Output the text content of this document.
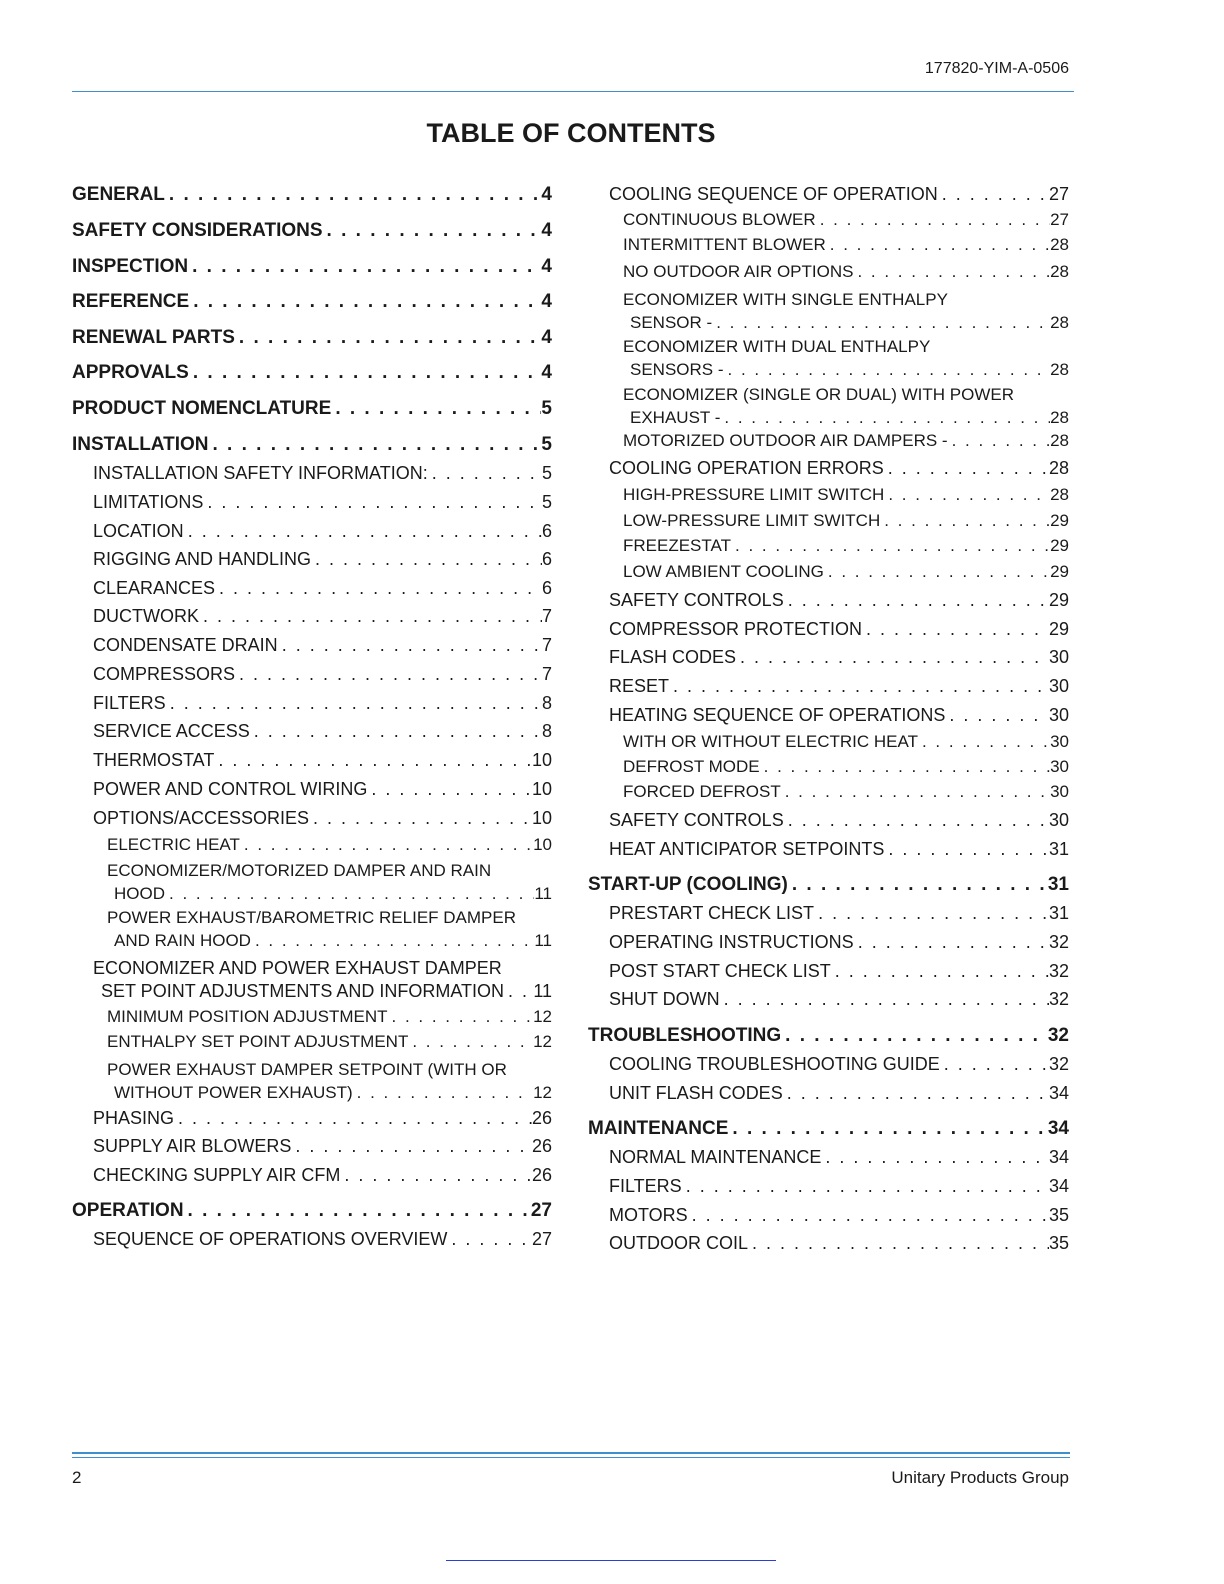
177820-YIM-A-0506
TABLE OF CONTENTS
GENERAL . . .	4
SAFETY CONSIDERATIONS . . .	4
INSPECTION . . .	4
REFERENCE . . .	4
RENEWAL PARTS . . .	4
APPROVALS . . .	4
PRODUCT NOMENCLATURE . . .	5
INSTALLATION . . .	5
INSTALLATION SAFETY INFORMATION: . . .	5
LIMITATIONS . . .	5
LOCATION . . .	6
RIGGING AND HANDLING . . .	6
CLEARANCES . . .	6
DUCTWORK . . .	7
CONDENSATE DRAIN . . .	7
COMPRESSORS . . .	7
FILTERS . . .	8
SERVICE ACCESS . . .	8
THERMOSTAT . . .	10
POWER AND CONTROL WIRING . . .	10
OPTIONS/ACCESSORIES . . .	10
ELECTRIC HEAT . . .	10
ECONOMIZER/MOTORIZED DAMPER AND RAIN
HOOD . . .	11
POWER EXHAUST/BAROMETRIC RELIEF DAMPER
AND RAIN HOOD . . .	11
ECONOMIZER AND POWER EXHAUST DAMPER
SET POINT ADJUSTMENTS AND INFORMATION . . . 11
MINIMUM POSITION ADJUSTMENT . . .	12
ENTHALPY SET POINT ADJUSTMENT . . .	12
POWER EXHAUST DAMPER SETPOINT (WITH OR
WITHOUT POWER EXHAUST) . . .	12
PHASING . . .	26
SUPPLY AIR BLOWERS . . .	26
CHECKING SUPPLY AIR CFM . . .	26
OPERATION . . .	27
SEQUENCE OF OPERATIONS OVERVIEW . . .	27
COOLING SEQUENCE OF OPERATION . . .	27
CONTINUOUS BLOWER . . .	27
INTERMITTENT BLOWER . . .	28
NO OUTDOOR AIR OPTIONS . . .	28
ECONOMIZER WITH SINGLE ENTHALPY
SENSOR - . . .	28
ECONOMIZER WITH DUAL ENTHALPY
SENSORS - . . .	28
ECONOMIZER (SINGLE OR DUAL) WITH POWER
EXHAUST - . . .	28
MOTORIZED OUTDOOR AIR DAMPERS - . . .	28
COOLING OPERATION ERRORS . . .	28
HIGH-PRESSURE LIMIT SWITCH . . .	28
LOW-PRESSURE LIMIT SWITCH . . .	29
FREEZESTAT . . .	29
LOW AMBIENT COOLING . . .	29
SAFETY CONTROLS . . .	29
COMPRESSOR PROTECTION . . .	29
FLASH CODES . . .	30
RESET . . .	30
HEATING SEQUENCE OF OPERATIONS . . .	30
WITH OR WITHOUT ELECTRIC HEAT . . .	30
DEFROST MODE . . .	30
FORCED DEFROST . . .	30
SAFETY CONTROLS . . .	30
HEAT ANTICIPATOR SETPOINTS . . .	31
START-UP (COOLING) . . .	31
PRESTART CHECK LIST . . .	31
OPERATING INSTRUCTIONS . . .	32
POST START CHECK LIST . . .	32
SHUT DOWN . . .	32
TROUBLESHOOTING . . .	32
COOLING TROUBLESHOOTING GUIDE . . .	32
UNIT FLASH CODES . . .	34
MAINTENANCE . . .	34
NORMAL MAINTENANCE . . .	34
FILTERS . . .	34
MOTORS . . .	35
OUTDOOR COIL . . .	35
2	Unitary Products Group
